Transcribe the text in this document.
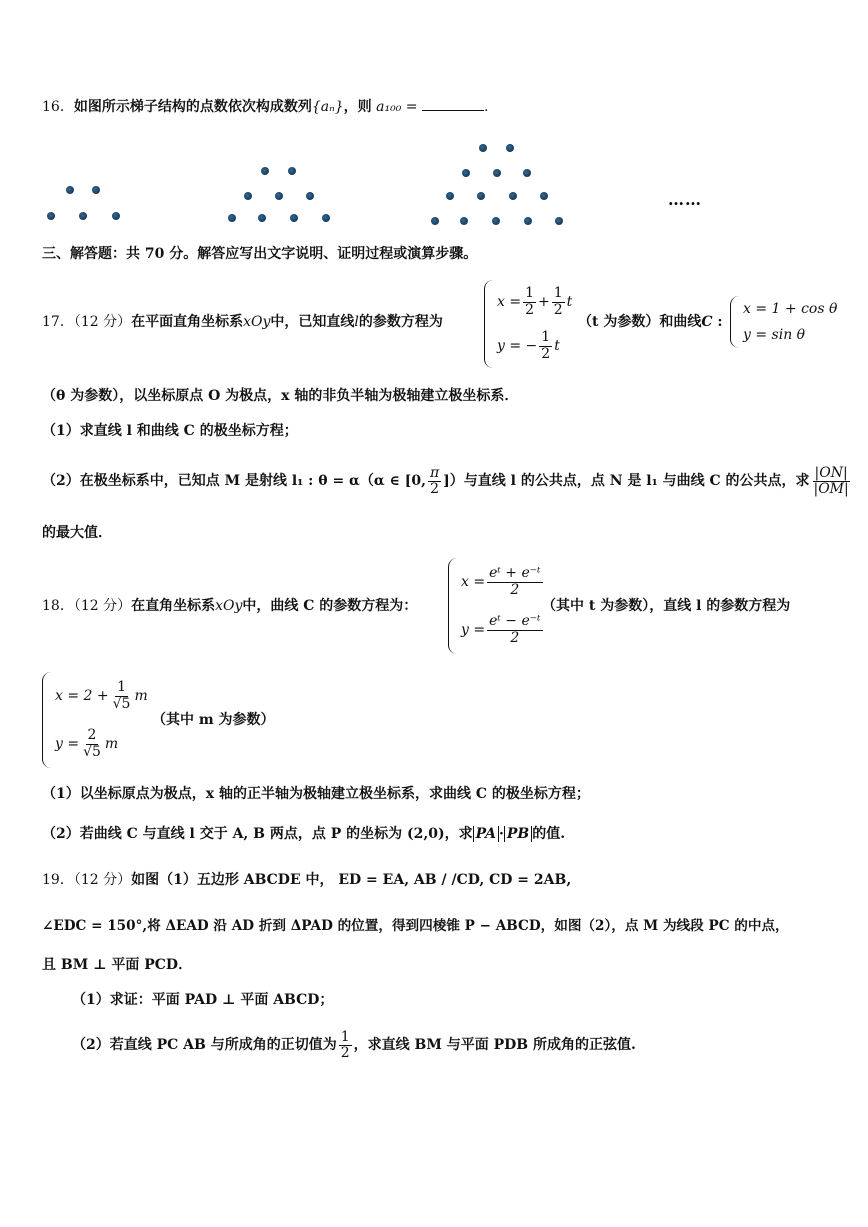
16．如图所示梯子结构的点数依次构成数列{aₙ}，则 a₁₀₀ =	.
……
三、解答题：共 70 分。解答应写出文字说明、证明过程或演算步骤。
17．（12 分）在平面直角坐标系xOy中，已知直线l的参数方程为
$x = \frac{1}{2} + \frac{1}{2}$ t
y = − $\frac{1}{2}$ t
（t 为参数）和曲线C :
x = 1 + cos θ
y = sin θ
（θ 为参数），以坐标原点 O 为极点，x 轴的非负半轴为极轴建立极坐标系．
（1）求直线 l 和曲线 C 的极坐标方程；
（2）在极坐标系中，已知点 M 是射线 l₁ : θ = α（α ∈ [0, $\frac{\pi}{2}$ ]）与直线 l 的公共点，点 N 是 l₁ 与曲线 C 的公共点，求 $\frac{|ON|}{|OM|}$
的最大值．
18．（12 分）在直角坐标系xOy中，曲线 C 的参数方程为：
$x = \frac{\text{eᵗ + e⁻ᵗ}}{2}$
$y = \frac{\text{eᵗ − e⁻ᵗ}}{2}$
（其中 t 为参数），直线 l 的参数方程为
$x = 2 + \frac{1}{√5}$ m
$y = \frac{2}{√5}$ m
（其中 m 为参数）
（1）以坐标原点为极点，x 轴的正半轴为极轴建立极坐标系，求曲线 C 的极坐标方程；
（2）若曲线 C 与直线 l 交于 A, B 两点，点 P 的坐标为 (2,0)，求 PA · PB 的值.
19．（12 分）如图（1）五边形 ABCDE 中， ED = EA, AB / /CD, CD = 2AB,
∠EDC = 150°,将 ΔEAD 沿 AD 折到 ΔPAD 的位置，得到四棱锥 P − ABCD，如图（2），点 M 为线段 PC 的中点，
且 BM ⊥ 平面 PCD．
（1）求证：平面 PAD ⊥ 平面 ABCD；
（2）若直线 PC AB 与所成角的正切值为 $\frac{1}{2}$ ，求直线 BM 与平面 PDB 所成角的正弦值.
